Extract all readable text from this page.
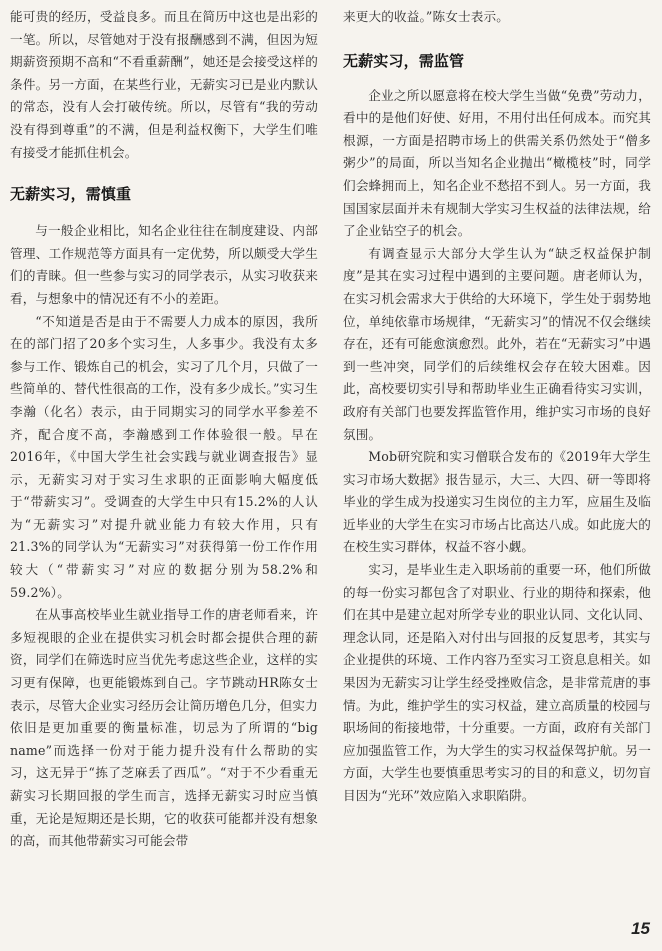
能可贵的经历，受益良多。而且在简历中这也是出彩的一笔。所以，尽管她对于没有报酬感到不满，但因为短期薪资预期不高和“不看重薪酬”，她还是会接受这样的条件。另一方面，在某些行业，无薪实习已是业内默认的常态，没有人会打破传统。所以，尽管有“我的劳动没有得到尊重”的不满，但是利益权衡下，大学生们唯有接受才能抓住机会。

无薪实习，需慎重

与一般企业相比，知名企业往往在制度建设、内部管理、工作规范等方面具有一定优势，所以颇受大学生们的青睐。但一些参与实习的同学表示，从实习收获来看，与想象中的情况还有不小的差距。

“不知道是否是由于不需要人力成本的原因，我所在的部门招了20多个实习生，人多事少。我没有太多参与工作、锻炼自己的机会，实习了几个月，只做了一些简单的、替代性很高的工作，没有多少成长。”实习生李瀚（化名）表示，由于同期实习的同学水平参差不齐，配合度不高，李瀚感到工作体验很一般。早在2016年，《中国大学生社会实践与就业调查报告》显示，无薪实习对于实习生求职的正面影响大幅度低于“带薪实习”。受调查的大学生中只有15.2%的人认为“无薪实习”对提升就业能力有较大作用，只有21.3%的同学认为“无薪实习”对获得第一份工作作用较大（“带薪实习”对应的数据分别为58.2%和59.2%）。

在从事高校毕业生就业指导工作的唐老师看来，许多短视眼的企业在提供实习机会时都会提供合理的薪资，同学们在筛选时应当优先考虑这些企业，这样的实习更有保障，也更能锻炼到自己。字节跳动HR陈女士表示，尽管大企业实习经历会让简历增色几分，但实力依旧是更加重要的衡量标准，切忌为了所谓的“big name”而选择一份对于能力提升没有什么帮助的实习，这无异于“拣了芝麻丢了西瓜”。“对于不少看重无薪实习长期回报的学生而言，选择无薪实习时应当慎重，无论是短期还是长期，它的收获可能都并没有想象的高，而其他带薪实习可能会带

来更大的收益。”陈女士表示。

无薪实习，需监管

企业之所以愿意将在校大学生当做“免费”劳动力，看中的是他们好使、好用，不用付出任何成本。而究其根源，一方面是招聘市场上的供需关系仍然处于“僧多粥少”的局面，所以当知名企业抛出“橄榄枝”时，同学们会蜂拥而上，知名企业不愁招不到人。另一方面，我国国家层面并未有规制大学实习生权益的法律法规，给了企业钻空子的机会。

有调查显示大部分大学生认为“缺乏权益保护制度”是其在实习过程中遇到的主要问题。唐老师认为，在实习机会需求大于供给的大环境下，学生处于弱势地位，单纯依靠市场规律，“无薪实习”的情况不仅会继续存在，还有可能愈演愈烈。此外，若在“无薪实习”中遇到一些冲突，同学们的后续维权会存在较大困难。因此，高校要切实引导和帮助毕业生正确看待实习实训，政府有关部门也要发挥监管作用，维护实习市场的良好氛围。

Mob研究院和实习僧联合发布的《2019年大学生实习市场大数据》报告显示，大三、大四、研一等即将毕业的学生成为投递实习生岗位的主力军，应届生及临近毕业的大学生在实习市场占比高达八成。如此庞大的在校生实习群体，权益不容小觑。

实习，是毕业生走入职场前的重要一环，他们所做的每一份实习都包含了对职业、行业的期待和探索，他们在其中是建立起对所学专业的职业认同、文化认同、理念认同，还是陷入对付出与回报的反复思考，其实与企业提供的环境、工作内容乃至实习工资息息相关。如果因为无薪实习让学生经受挫败信念，是非常荒唐的事情。为此，维护学生的实习权益，建立高质量的校园与职场间的衔接地带，十分重要。一方面，政府有关部门应加强监管工作，为大学生的实习权益保驾护航。另一方面，大学生也要慎重思考实习的目的和意义，切勿盲目因为“光环”效应陷入求职陷阱。

15
